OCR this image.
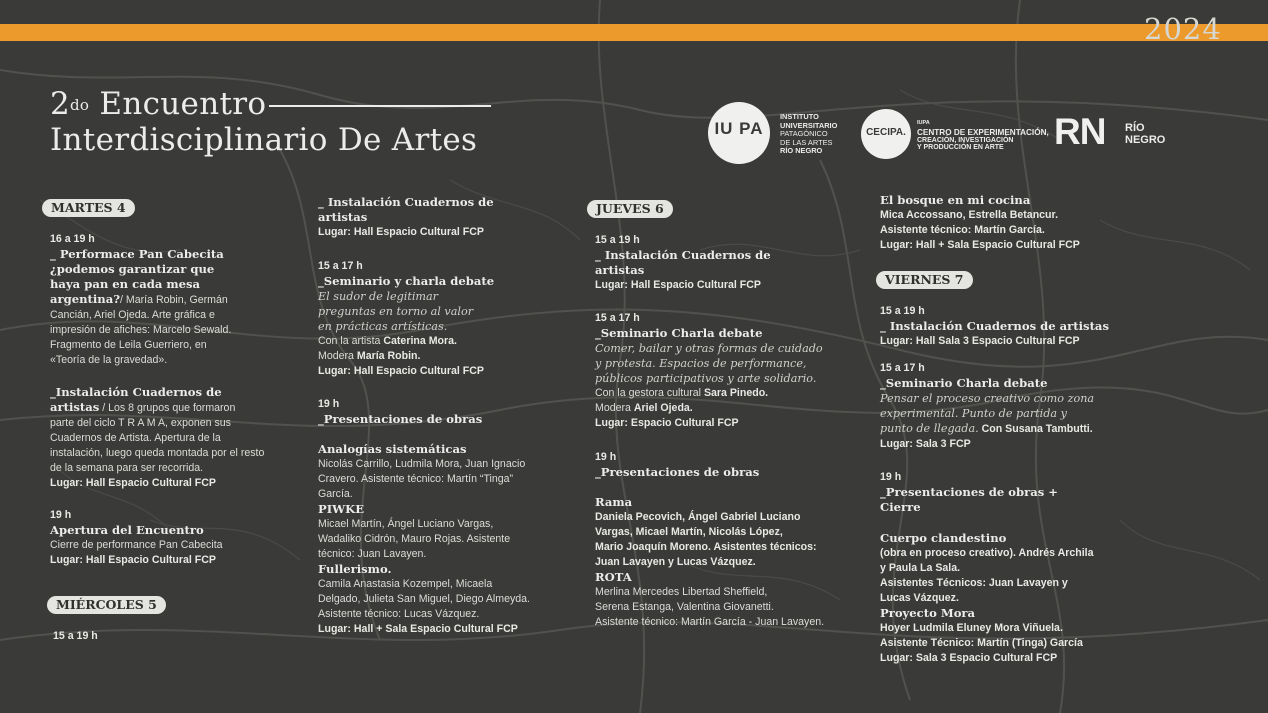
2024
$2^{do}$ Encuentro
Interdisciplinario De Artes	IU PA
INSTITUTO
UNIVERSITARIO
PATAGÓNICO
DE LAS ARTES
RÍO NEGRO
CECIPA.
IUPA
CENTRO DE EXPERIMENTACIÓN,
CREACIÓN, INVESTIGACIÓN
Y PRODUCCIÓN EN ARTE	RN RÍO
NEGRO
MARTES 4
16 a 19 h
_ Performace Pan Cabecita
¿podemos garantizar que
haya pan en cada mesa
argentina?/ María Robin, Germán
Cancián, Ariel Ojeda. Arte gráfica e
impresión de afiches: Marcelo Sewald.
Fragmento de Leila Guerriero, en
«Teoría de la gravedad».
_Instalación Cuadernos de
artistas / Los 8 grupos que formaron
parte del ciclo T R A M A, exponen sus
Cuadernos de Artista. Apertura de la
instalación, luego queda montada por el resto
de la semana para ser recorrida.
Lugar: Hall Espacio Cultural FCP
19 h
Apertura del Encuentro
Cierre de performance Pan Cabecita
Lugar: Hall Espacio Cultural FCP
MIÉRCOLES 5
15 a 19 h
_ Instalación Cuadernos de
artistas
Lugar: Hall Espacio Cultural FCP
15 a 17 h
_Seminario y charla debate
El sudor de legitimar
preguntas en torno al valor
en prácticas artísticas.
Con la artista Caterina Mora.
Modera María Robin.
Lugar: Hall Espacio Cultural FCP
19 h
_Presentaciones de obras
Analogías sistemáticas
Nicolás Carrillo, Ludmila Mora, Juan Ignacio
Cravero. Asistente técnico: Martín “Tinga”
García.
PIWKE
Micael Martín, Ángel Luciano Vargas,
Wadaliko Cidrón, Mauro Rojas. Asistente
técnico: Juan Lavayen.
Fullerismo.
Camila Anastasia Kozempel, Micaela
Delgado, Julieta San Miguel, Diego Almeyda.
Asistente técnico: Lucas Vázquez.
Lugar: Hall + Sala Espacio Cultural FCP
JUEVES 6
15 a 19 h
_ Instalación Cuadernos de
artistas
Lugar: Hall Espacio Cultural FCP
15 a 17 h
_Seminario Charla debate
Comer, bailar y otras formas de cuidado
y protesta. Espacios de performance,
públicos participativos y arte solidario.
Con la gestora cultural Sara Pinedo.
Modera Ariel Ojeda.
Lugar: Espacio Cultural FCP
19 h
_Presentaciones de obras
Rama
Daniela Pecovich, Ángel Gabriel Luciano
Vargas, Micael Martín, Nicolás López,
Mario Joaquín Moreno. Asistentes técnicos:
Juan Lavayen y Lucas Vázquez.
ROTA
Merlina Mercedes Libertad Sheffield,
Serena Estanga, Valentina Giovanetti.
Asistente técnico: Martín García - Juan Lavayen.
El bosque en mi cocina
Mica Accossano, Estrella Betancur.
Asistente técnico: Martín García.
Lugar: Hall + Sala Espacio Cultural FCP
VIERNES 7
15 a 19 h
_ Instalación Cuadernos de artistas
Lugar: Hall Sala 3 Espacio Cultural FCP
15 a 17 h
_Seminario Charla debate
Pensar el proceso creativo como zona
experimental. Punto de partida y
punto de llegada. Con Susana Tambutti.
Lugar: Sala 3 FCP
19 h
_Presentaciones de obras +
Cierre
Cuerpo clandestino
(obra en proceso creativo). Andrés Archila
y Paula La Sala.
Asistentes Técnicos: Juan Lavayen y
Lucas Vázquez.
Proyecto Mora
Hoyer Ludmila Eluney Mora Viñuela.
Asistente Técnico: Martín (Tinga) García
Lugar: Sala 3 Espacio Cultural FCP
